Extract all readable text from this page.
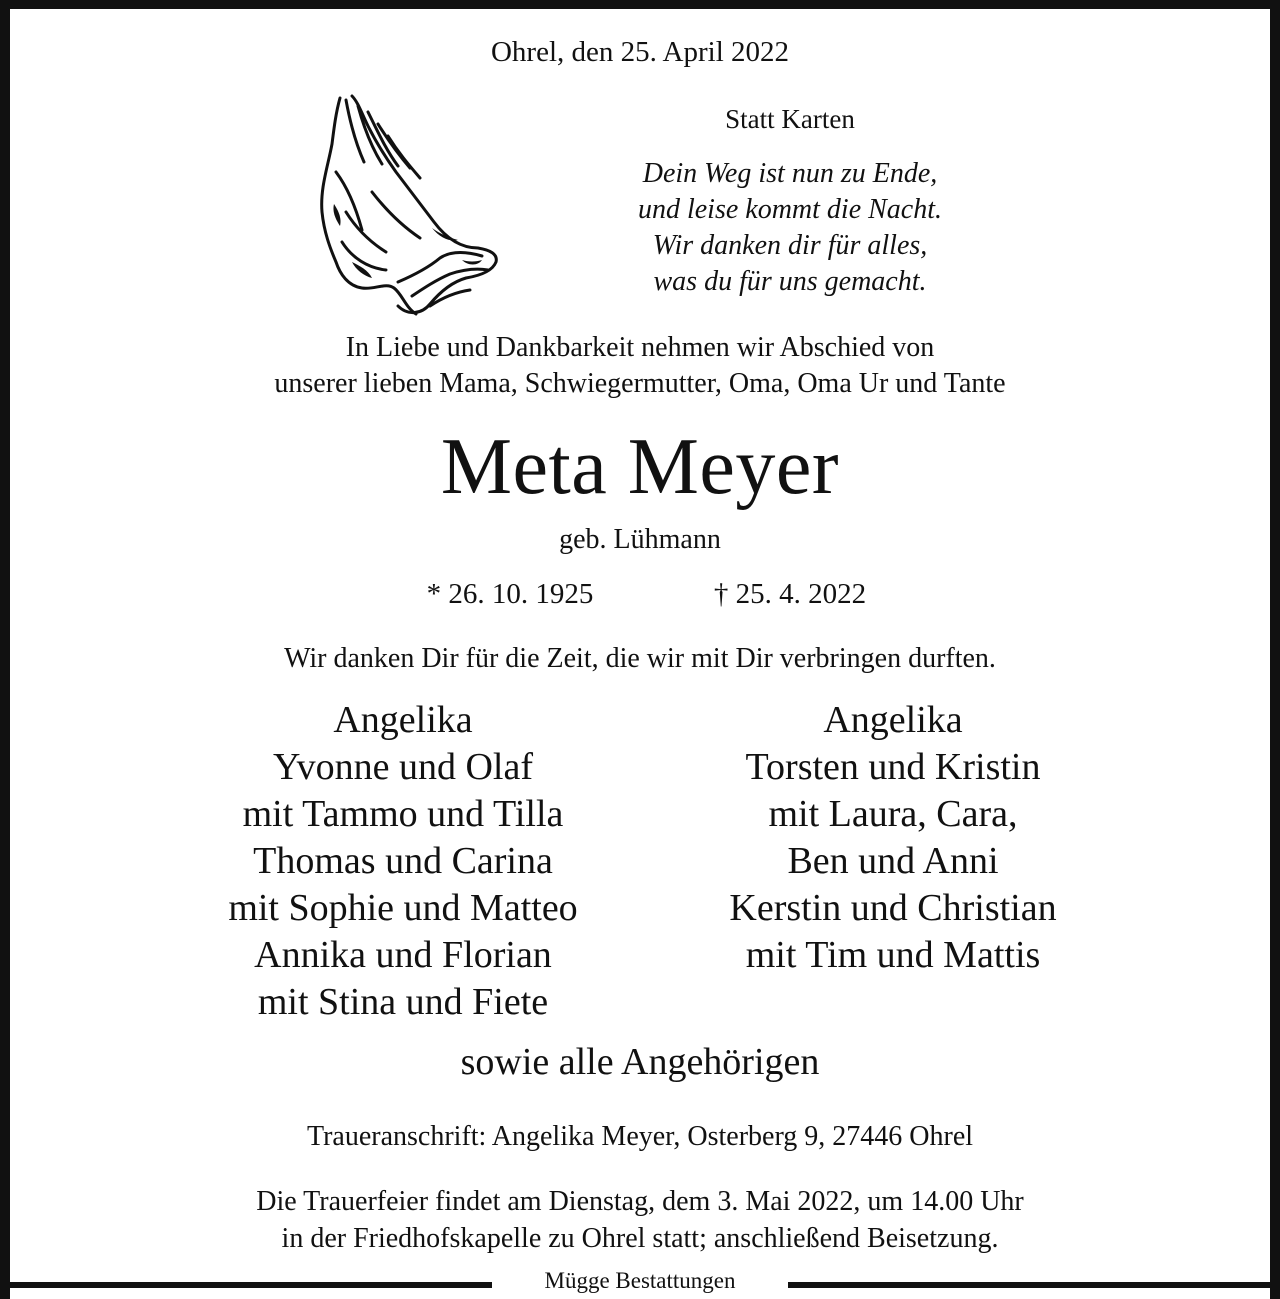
Ohrel, den 25. April 2022
Statt Karten
Dein Weg ist nun zu Ende,
und leise kommt die Nacht.
Wir danken dir für alles,
was du für uns gemacht.
In Liebe und Dankbarkeit nehmen wir Abschied von
unserer lieben Mama, Schwiegermutter, Oma, Oma Ur und Tante
Meta Meyer
geb. Lühmann
* 26. 10. 1925	† 25. 4. 2022
Wir danken Dir für die Zeit, die wir mit Dir verbringen durften.
Angelika
Yvonne und Olaf
mit Tammo und Tilla
Thomas und Carina
mit Sophie und Matteo
Annika und Florian
mit Stina und Fiete
Angelika
Torsten und Kristin
mit Laura, Cara,
Ben und Anni
Kerstin und Christian
mit Tim und Mattis
sowie alle Angehörigen
Traueranschrift: Angelika Meyer, Osterberg 9, 27446 Ohrel
Die Trauerfeier findet am Dienstag, dem 3. Mai 2022, um 14.00 Uhr
in der Friedhofskapelle zu Ohrel statt; anschließend Beisetzung.
Mügge Bestattungen
